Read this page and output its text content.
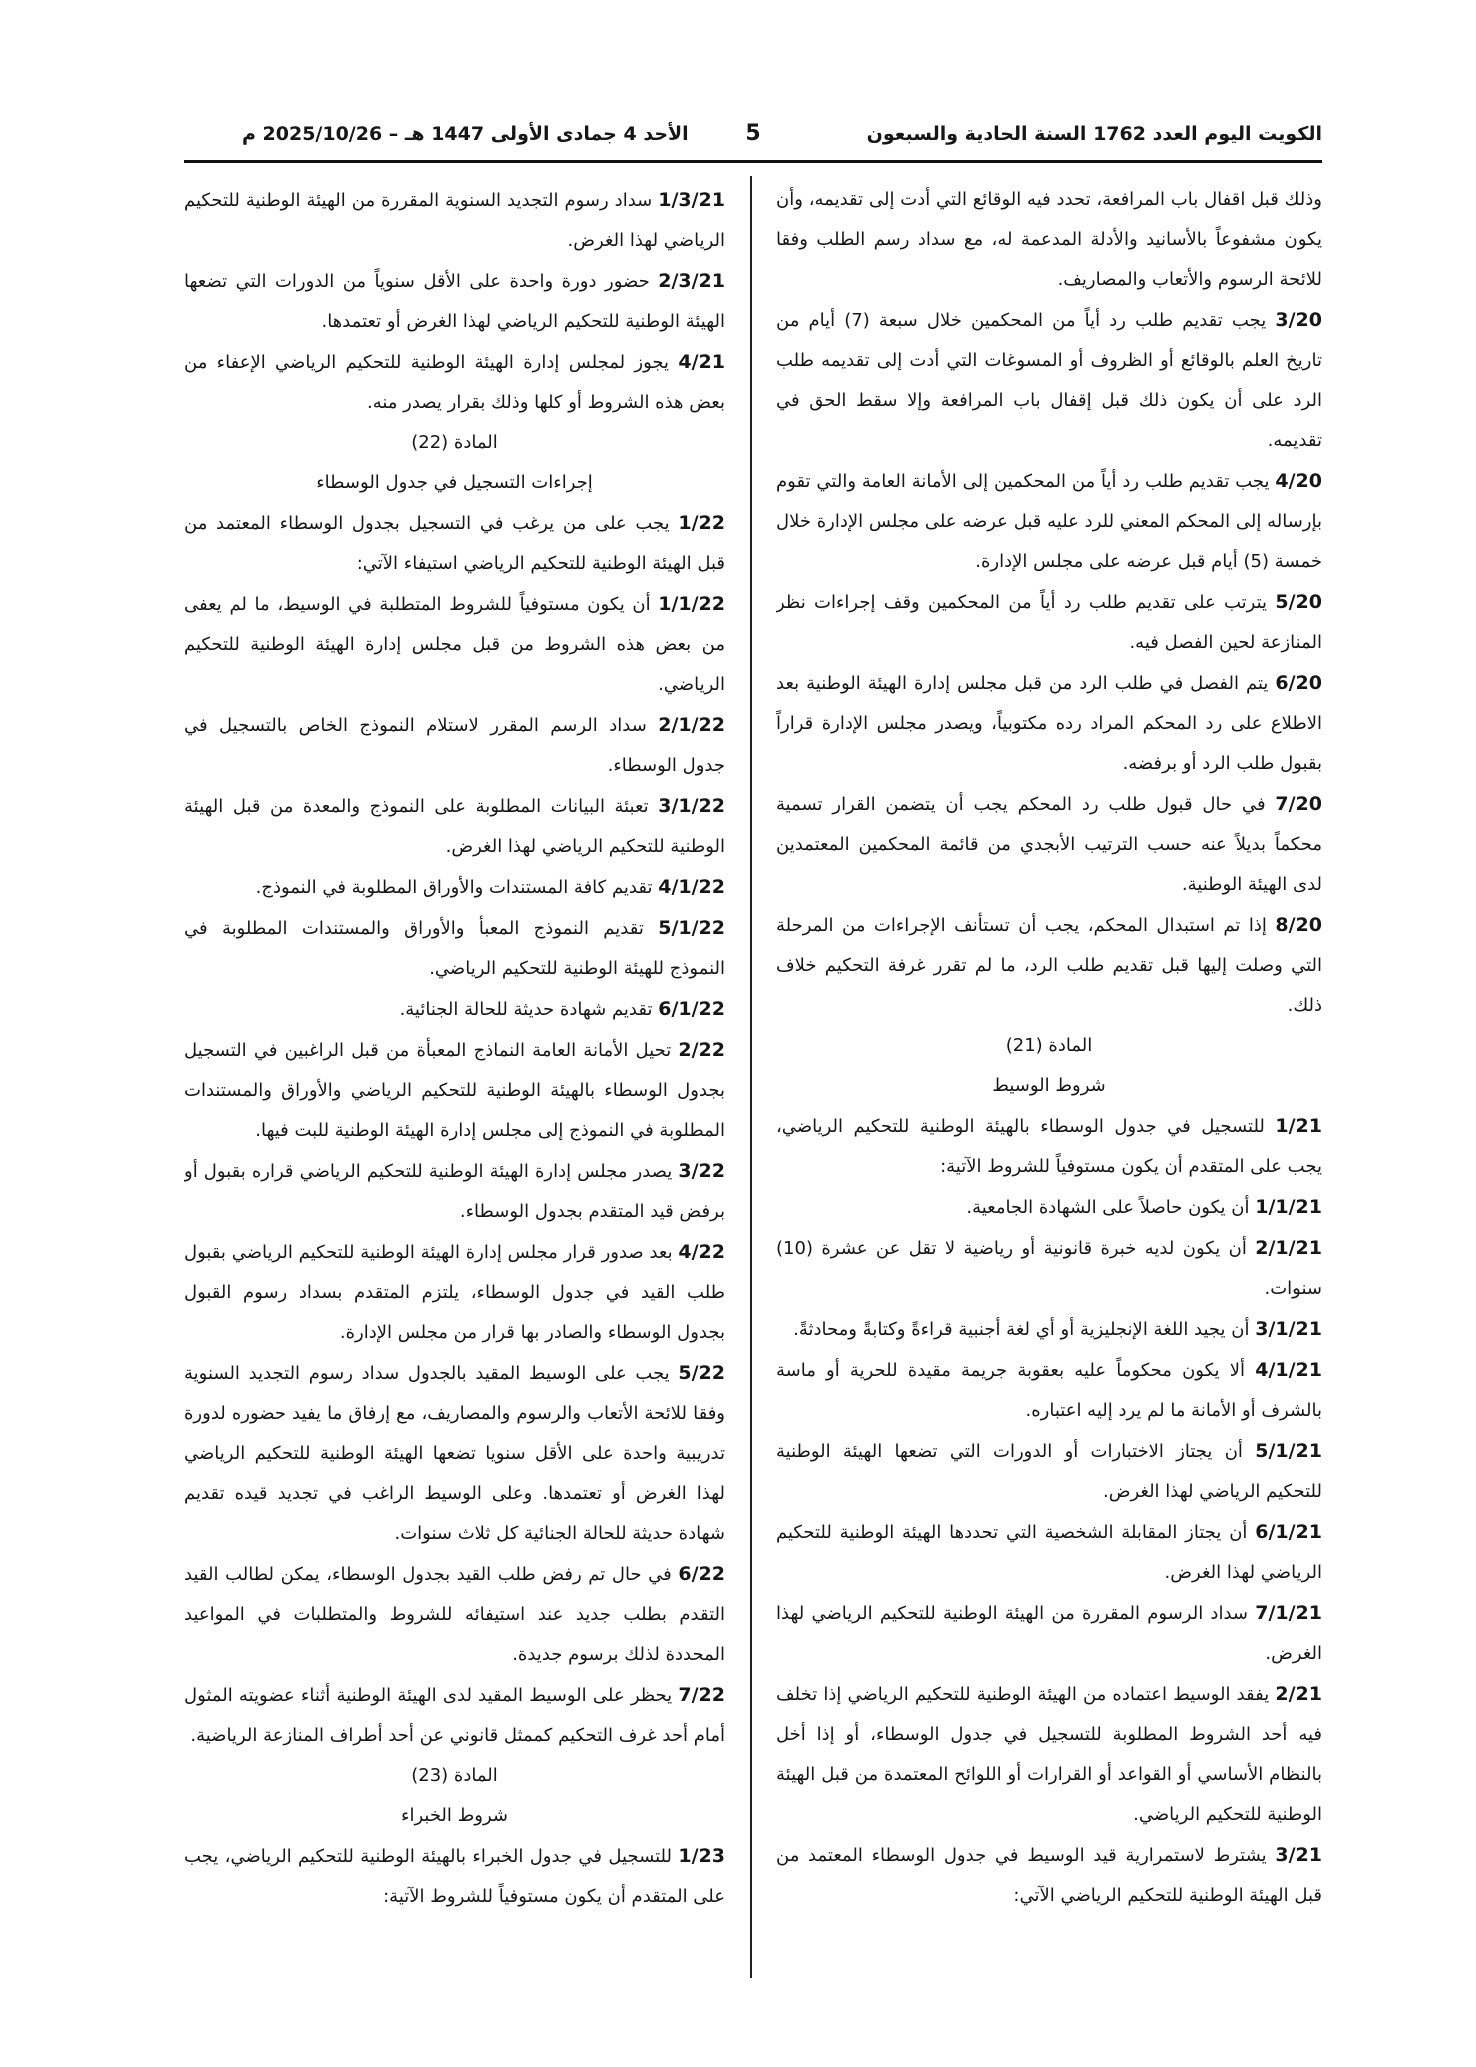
الكويت اليوم العدد 1762 السنة الحادية والسبعون
5
الأحد 4 جمادى الأولى 1447 هـ – 2025/10/26 م

وذلك قبل اقفال باب المرافعة، تحدد فيه الوقائع التي أدت إلى تقديمه، وأن يكون مشفوعاً بالأسانيد والأدلة المدعمة له، مع سداد رسم الطلب وفقا للائحة الرسوم والأتعاب والمصاريف.

3/20 يجب تقديم طلب رد أياً من المحكمين خلال سبعة (7) أيام من تاريخ العلم بالوقائع أو الظروف أو المسوغات التي أدت إلى تقديمه طلب الرد على أن يكون ذلك قبل إقفال باب المرافعة وإلا سقط الحق في تقديمه.

4/20 يجب تقديم طلب رد أياً من المحكمين إلى الأمانة العامة والتي تقوم بإرساله إلى المحكم المعني للرد عليه قبل عرضه على مجلس الإدارة خلال خمسة (5) أيام قبل عرضه على مجلس الإدارة.

5/20 يترتب على تقديم طلب رد أياً من المحكمين وقف إجراءات نظر المنازعة لحين الفصل فيه.

6/20 يتم الفصل في طلب الرد من قبل مجلس إدارة الهيئة الوطنية بعد الاطلاع على رد المحكم المراد رده مكتوبياً، ويصدر مجلس الإدارة قراراً بقبول طلب الرد أو برفضه.

7/20 في حال قبول طلب رد المحكم يجب أن يتضمن القرار تسمية محكماً بديلاً عنه حسب الترتيب الأبجدي من قائمة المحكمين المعتمدين لدى الهيئة الوطنية.

8/20 إذا تم استبدال المحكم، يجب أن تستأنف الإجراءات من المرحلة التي وصلت إليها قبل تقديم طلب الرد، ما لم تقرر غرفة التحكيم خلاف ذلك.

المادة (21)

شروط الوسيط

1/21 للتسجيل في جدول الوسطاء بالهيئة الوطنية للتحكيم الرياضي، يجب على المتقدم أن يكون مستوفياً للشروط الآتية:

1/1/21 أن يكون حاصلاً على الشهادة الجامعية.

2/1/21 أن يكون لديه خبرة قانونية أو رياضية لا تقل عن عشرة (10) سنوات.

3/1/21 أن يجيد اللغة الإنجليزية أو أي لغة أجنبية قراءةً وكتابةً ومحادثةً.

4/1/21 ألا يكون محكوماً عليه بعقوبة جريمة مقيدة للحرية أو ماسة بالشرف أو الأمانة ما لم يرد إليه اعتباره.

5/1/21 أن يجتاز الاختبارات أو الدورات التي تضعها الهيئة الوطنية للتحكيم الرياضي لهذا الغرض.

6/1/21 أن يجتاز المقابلة الشخصية التي تحددها الهيئة الوطنية للتحكيم الرياضي لهذا الغرض.

7/1/21 سداد الرسوم المقررة من الهيئة الوطنية للتحكيم الرياضي لهذا الغرض.

2/21 يفقد الوسيط اعتماده من الهيئة الوطنية للتحكيم الرياضي إذا تخلف فيه أحد الشروط المطلوبة للتسجيل في جدول الوسطاء، أو إذا أخل بالنظام الأساسي أو القواعد أو القرارات أو اللوائح المعتمدة من قبل الهيئة الوطنية للتحكيم الرياضي.

3/21 يشترط لاستمرارية قيد الوسيط في جدول الوسطاء المعتمد من قبل الهيئة الوطنية للتحكيم الرياضي الآتي:

1/3/21 سداد رسوم التجديد السنوية المقررة من الهيئة الوطنية للتحكيم الرياضي لهذا الغرض.

2/3/21 حضور دورة واحدة على الأقل سنوياً من الدورات التي تضعها الهيئة الوطنية للتحكيم الرياضي لهذا الغرض أو تعتمدها.

4/21 يجوز لمجلس إدارة الهيئة الوطنية للتحكيم الرياضي الإعفاء من بعض هذه الشروط أو كلها وذلك بقرار يصدر منه.

المادة (22)

إجراءات التسجيل في جدول الوسطاء

1/22 يجب على من يرغب في التسجيل بجدول الوسطاء المعتمد من قبل الهيئة الوطنية للتحكيم الرياضي استيفاء الآتي:

1/1/22 أن يكون مستوفياً للشروط المتطلبة في الوسيط، ما لم يعفى من بعض هذه الشروط من قبل مجلس إدارة الهيئة الوطنية للتحكيم الرياضي.

2/1/22 سداد الرسم المقرر لاستلام النموذج الخاص بالتسجيل في جدول الوسطاء.

3/1/22 تعبئة البيانات المطلوبة على النموذج والمعدة من قبل الهيئة الوطنية للتحكيم الرياضي لهذا الغرض.

4/1/22 تقديم كافة المستندات والأوراق المطلوبة في النموذج.

5/1/22 تقديم النموذج المعبأ والأوراق والمستندات المطلوبة في النموذج للهيئة الوطنية للتحكيم الرياضي.

6/1/22 تقديم شهادة حديثة للحالة الجنائية.

2/22 تحيل الأمانة العامة النماذج المعبأة من قبل الراغبين في التسجيل بجدول الوسطاء بالهيئة الوطنية للتحكيم الرياضي والأوراق والمستندات المطلوبة في النموذج إلى مجلس إدارة الهيئة الوطنية للبت فيها.

3/22 يصدر مجلس إدارة الهيئة الوطنية للتحكيم الرياضي قراره بقبول أو برفض قيد المتقدم بجدول الوسطاء.

4/22 بعد صدور قرار مجلس إدارة الهيئة الوطنية للتحكيم الرياضي بقبول طلب القيد في جدول الوسطاء، يلتزم المتقدم بسداد رسوم القبول بجدول الوسطاء والصادر بها قرار من مجلس الإدارة.

5/22 يجب على الوسيط المقيد بالجدول سداد رسوم التجديد السنوية وفقا للائحة الأتعاب والرسوم والمصاريف، مع إرفاق ما يفيد حضوره لدورة تدريبية واحدة على الأقل سنويا تضعها الهيئة الوطنية للتحكيم الرياضي لهذا الغرض أو تعتمدها. وعلى الوسيط الراغب في تجديد قيده تقديم شهادة حديثة للحالة الجنائية كل ثلاث سنوات.

6/22 في حال تم رفض طلب القيد بجدول الوسطاء، يمكن لطالب القيد التقدم بطلب جديد عند استيفائه للشروط والمتطلبات في المواعيد المحددة لذلك برسوم جديدة.

7/22 يحظر على الوسيط المقيد لدى الهيئة الوطنية أثناء عضويته المثول أمام أحد غرف التحكيم كممثل قانوني عن أحد أطراف المنازعة الرياضية.

المادة (23)

شروط الخبراء

1/23 للتسجيل في جدول الخبراء بالهيئة الوطنية للتحكيم الرياضي، يجب على المتقدم أن يكون مستوفياً للشروط الآتية:
